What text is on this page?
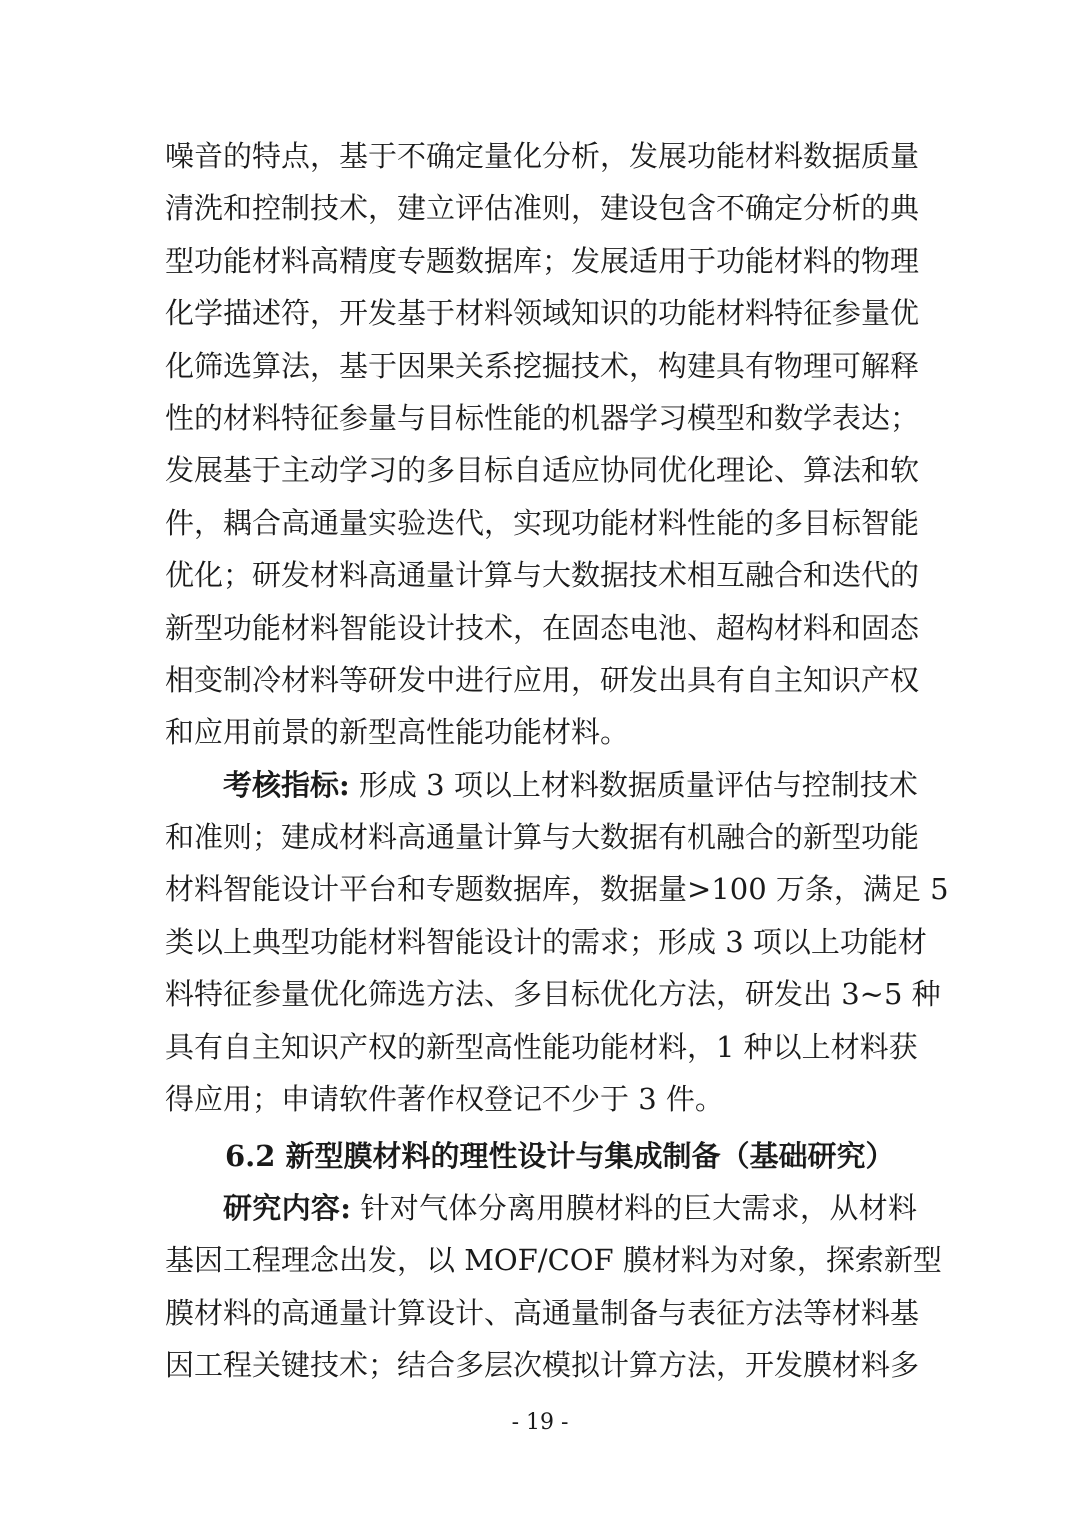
噪音的特点，基于不确定量化分析，发展功能材料数据质量
清洗和控制技术，建立评估准则，建设包含不确定分析的典
型功能材料高精度专题数据库；发展适用于功能材料的物理
化学描述符，开发基于材料领域知识的功能材料特征参量优
化筛选算法，基于因果关系挖掘技术，构建具有物理可解释
性的材料特征参量与目标性能的机器学习模型和数学表达；
发展基于主动学习的多目标自适应协同优化理论、算法和软
件，耦合高通量实验迭代，实现功能材料性能的多目标智能
优化；研发材料高通量计算与大数据技术相互融合和迭代的
新型功能材料智能设计技术，在固态电池、超构材料和固态
相变制冷材料等研发中进行应用，研发出具有自主知识产权
和应用前景的新型高性能功能材料。
考核指标: 形成 3 项以上材料数据质量评估与控制技术
和准则；建成材料高通量计算与大数据有机融合的新型功能
材料智能设计平台和专题数据库，数据量>100 万条，满足 5
类以上典型功能材料智能设计的需求；形成 3 项以上功能材
料特征参量优化筛选方法、多目标优化方法，研发出 3~5 种
具有自主知识产权的新型高性能功能材料，1 种以上材料获
得应用；申请软件著作权登记不少于 3 件。
6.2 新型膜材料的理性设计与集成制备（基础研究）
研究内容: 针对气体分离用膜材料的巨大需求，从材料
基因工程理念出发，以 MOF/COF 膜材料为对象，探索新型
膜材料的高通量计算设计、高通量制备与表征方法等材料基
因工程关键技术；结合多层次模拟计算方法，开发膜材料多
- 19 -
